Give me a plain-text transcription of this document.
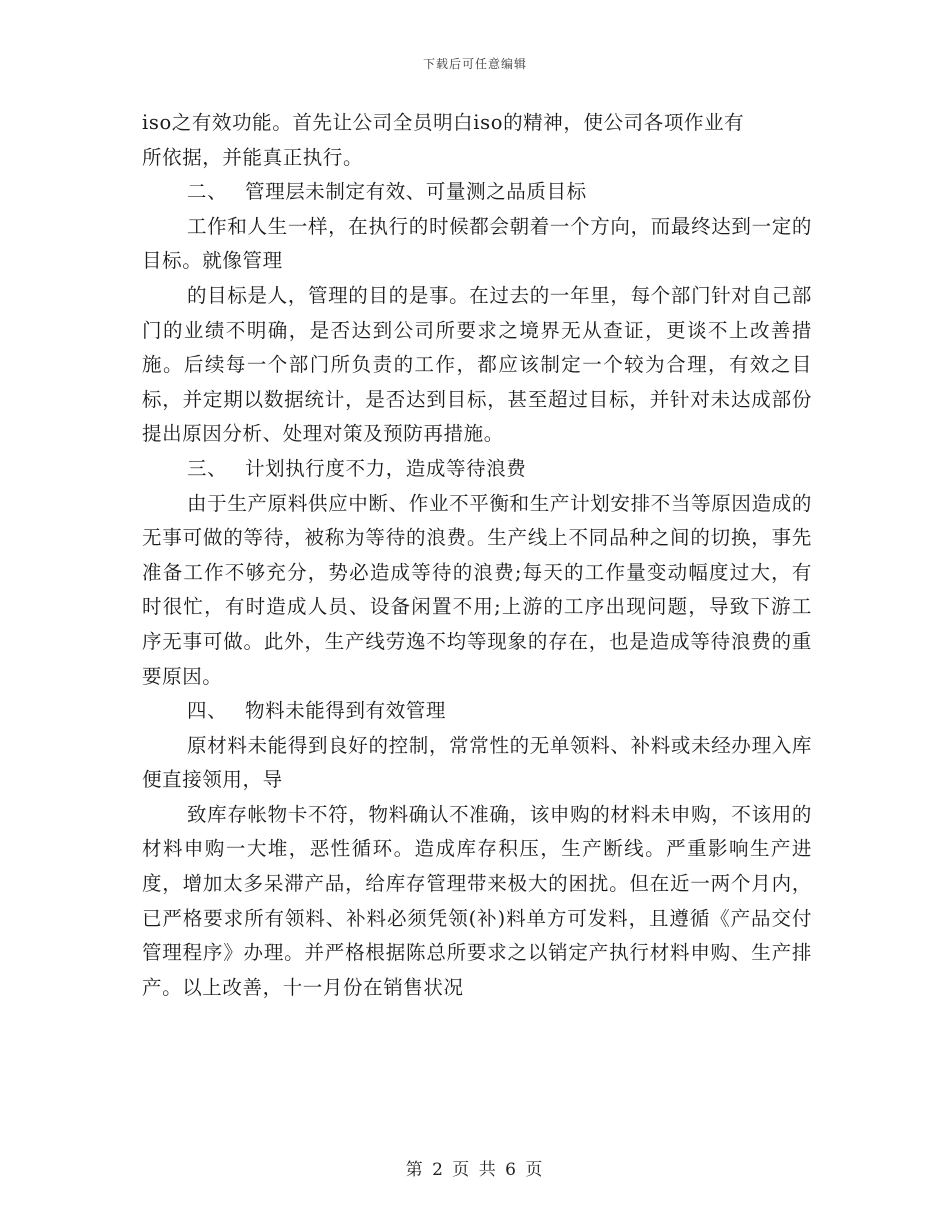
下载后可任意编辑

iso之有效功能。首先让公司全员明白iso的精神，使公司各项作业有

所依据，并能真正执行。

二、 管理层未制定有效、可量测之品质目标

工作和人生一样，在执行的时候都会朝着一个方向，而最终达到一定的目标。就像管理

的目标是人，管理的目的是事。在过去的一年里，每个部门针对自己部门的业绩不明确，是否达到公司所要求之境界无从查证，更谈不上改善措施。后续每一个部门所负责的工作，都应该制定一个较为合理，有效之目标，并定期以数据统计，是否达到目标，甚至超过目标，并针对未达成部份提出原因分析、处理对策及预防再措施。

三、 计划执行度不力，造成等待浪费

由于生产原料供应中断、作业不平衡和生产计划安排不当等原因造成的无事可做的等待，被称为等待的浪费。生产线上不同品种之间的切换，事先准备工作不够充分，势必造成等待的浪费;每天的工作量变动幅度过大，有时很忙，有时造成人员、设备闲置不用;上游的工序出现问题，导致下游工序无事可做。此外，生产线劳逸不均等现象的存在，也是造成等待浪费的重要原因。

四、 物料未能得到有效管理

原材料未能得到良好的控制，常常性的无单领料、补料或未经办理入库便直接领用，导

致库存帐物卡不符，物料确认不准确，该申购的材料未申购，不该用的材料申购一大堆，恶性循环。造成库存积压，生产断线。严重影响生产进度，增加太多呆滞产品，给库存管理带来极大的困扰。但在近一两个月内，已严格要求所有领料、补料必须凭领(补)料单方可发料，且遵循《产品交付管理程序》办理。并严格根据陈总所要求之以销定产执行材料申购、生产排产。以上改善，十一月份在销售状况

第 2 页 共 6 页
